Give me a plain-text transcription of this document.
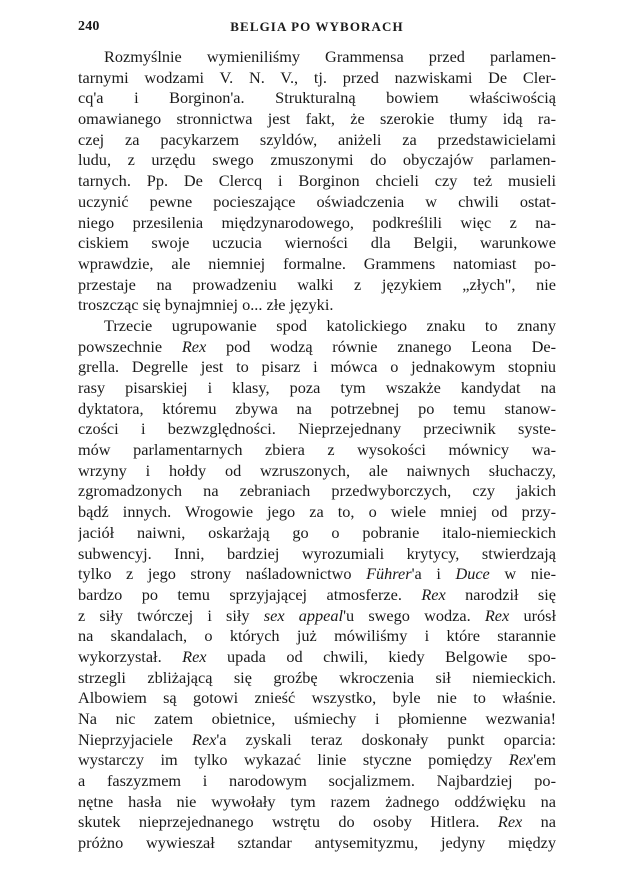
240	BELGIA PO WYBORACH
Rozmyślnie wymieniliśmy Grammensa przed parlamen-
tarnymi wodzami V. N. V., tj. przed nazwiskami De Cler-
cq'a i Borginon'a. Strukturalną bowiem właściwością
omawianego stronnictwa jest fakt, że szerokie tłumy idą ra-
czej za pacykarzem szyldów, aniżeli za przedstawicielami
ludu, z urzędu swego zmuszonymi do obyczajów parlamen-
tarnych. Pp. De Clercq i Borginon chcieli czy też musieli
uczynić pewne pocieszające oświadczenia w chwili ostat-
niego przesilenia międzynarodowego, podkreślili więc z na-
ciskiem swoje uczucia wierności dla Belgii, warunkowe
wprawdzie, ale niemniej formalne. Grammens natomiast po-
przestaje na prowadzeniu walki z językiem „złych", nie
troszcząc się bynajmniej o... złe języki.
Trzecie ugrupowanie spod katolickiego znaku to znany
powszechnie Rex pod wodzą równie znanego Leona De-
grella. Degrelle jest to pisarz i mówca o jednakowym stopniu
rasy pisarskiej i klasy, poza tym wszakże kandydat na
dyktatora, któremu zbywa na potrzebnej po temu stanow-
czości i bezwzględności. Nieprzejednany przeciwnik syste-
mów parlamentarnych zbiera z wysokości mównicy wa-
wrzyny i hołdy od wzruszonych, ale naiwnych słuchaczy,
zgromadzonych na zebraniach przedwyborczych, czy jakich
bądź innych. Wrogowie jego za to, o wiele mniej od przy-
jaciół naiwni, oskarżają go o pobranie italo-niemieckich
subwencyj. Inni, bardziej wyrozumiali krytycy, stwierdzają
tylko z jego strony naśladownictwo Führer'a i Duce w nie-
bardzo po temu sprzyjającej atmosferze. Rex narodził się
z siły twórczej i siły sex appeal'u swego wodza. Rex urósł
na skandalach, o których już mówiliśmy i które starannie
wykorzystał. Rex upada od chwili, kiedy Belgowie spo-
strzegli zbliżającą się groźbę wkroczenia sił niemieckich.
Albowiem są gotowi znieść wszystko, byle nie to właśnie.
Na nic zatem obietnice, uśmiechy i płomienne wezwania!
Nieprzyjaciele Rex'a zyskali teraz doskonały punkt oparcia:
wystarczy im tylko wykazać linie styczne pomiędzy Rex'em
a faszyzmem i narodowym socjalizmem. Najbardziej po-
nętne hasła nie wywołały tym razem żadnego oddźwięku na
skutek nieprzejednanego wstrętu do osoby Hitlera. Rex na
próżno wywieszał sztandar antysemityzmu, jedyny między
